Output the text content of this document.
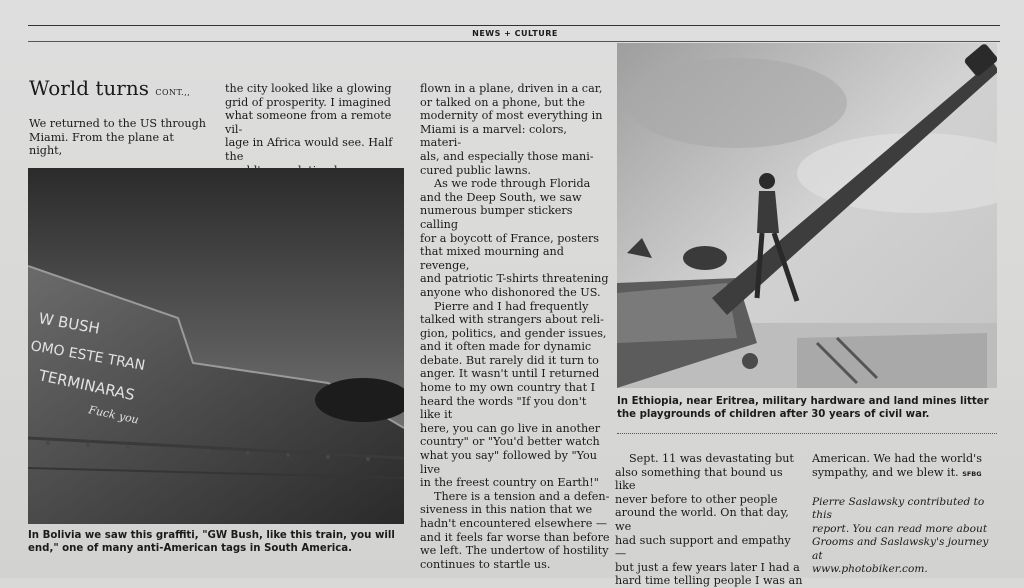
NEWS + CULTURE
World turns CONT.,,

We returned to the US through

Miami. From the plane at night,

the city looked like a glowing

grid of prosperity. I imagined

what someone from a remote vil-

lage in Africa would see. Half the

flown in a plane, driven in a car,

or talked on a phone, but the

modernity of most everything in

Miami is a marvel: colors, materi-

als, and especially those mani-

cured public lawns.

As we rode through Florida

and the Deep South, we saw

numerous bumper stickers calling

for a boycott of France, posters

that mixed mourning and revenge,

and patriotic T-shirts threatening

anyone who dishonored the US.

Pierre and I had frequently

talked with strangers about reli-

gion, politics, and gender issues,

and it often made for dynamic

debate. But rarely did it turn to

anger. It wasn't until I returned

home to my own country that I

heard the words "If you don't like it

here, you can go live in another

country" or "You'd better watch

what you say" followed by "You live

in the freest country on Earth!"

There is a tension and a defen-

siveness in this nation that we

hadn't encountered elsewhere —

and it feels far worse than before

we left. The undertow of hostility

continues to startle us.

W BUSH
OMO ESTE TRAN
TERMINARAS
Fuck you
In Bolivia we saw this graffiti, "GW Bush, like this train, you will
end," one of many anti-American tags in South America.
In Ethiopia, near Eritrea, military hardware and land mines litter
the playgrounds of children after 30 years of civil war.

Sept. 11 was devastating but

also something that bound us like

never before to other people

around the world. On that day, we

had such support and empathy —

but just a few years later I had a

hard time telling people I was an

American. We had the world's

sympathy, and we blew it. SFBG

Pierre Saslawsky contributed to this
report. You can read more about
Grooms and Saslawsky's journey at
www.photobiker.com.
